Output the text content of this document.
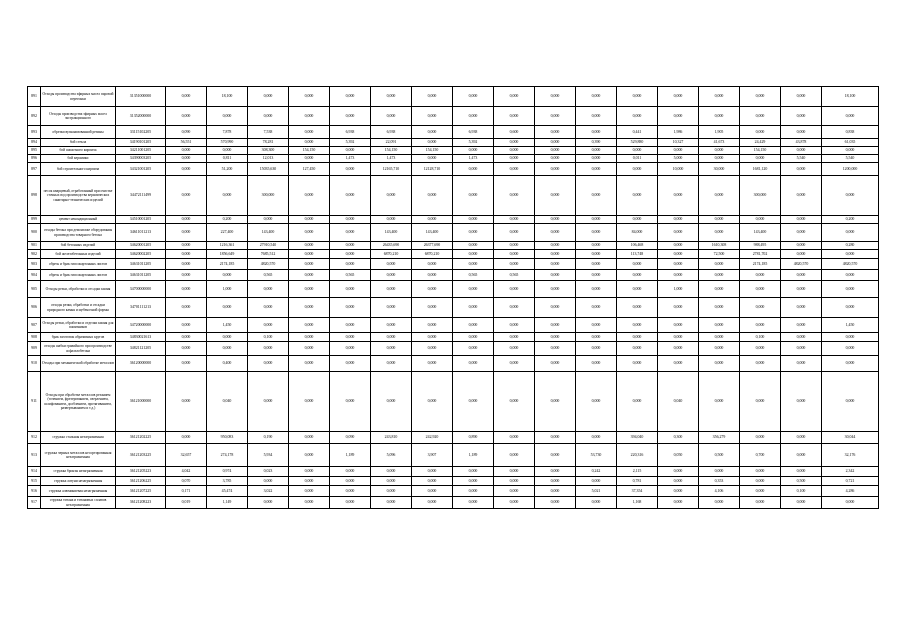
891	Отходы производства эфирных масел паровой перегонки	31351000000	0,000	18,100	0,000	0,000	0,000	0,000	0,000	0,000	0,000	0,000	0,000	0,000	0,000	0,000	0,000	0,000	18,100
892	Отходы производства эфирных масел экстракционного	31352000000	0,000	0,000	0,000	0,000	0,000	0,000	0,000	0,000	0,000	0,000	0,000	0,000	0,000	0,000	0,000	0,000	0,000
893	обрезки вулканизованной резины	33115102205	0,090	7,878	7,538	0,000	6,938	6,938	0,000	6,938	0,600	0,000	0,000	0,441	1,986	1,905	0,000	0,000	0,838
894	бой стекла	34190101205	56,551	570,990	78,281	0,000	5,392	22,091	0,000	5,392	0,000	0,000	0,390	529,880	10,327	41,673	24,429	43,878	61,035
895	бой шамотного кирпича	34211001205	0,000	0,000	308,300	154,150	0,000	154,150	154,150	0,000	0,000	0,000	0,000	0,000	0,000	0,000	154,150	0,000	0,000
896	бой керамики	34390003205	0,000	0,811	12,013	0,000	1,473	1,473	0,000	1,473	0,000	0,000	0,000	0,011	5,000	0,000	0,000	5,540	5,540
897	бой строительного кирпича	34321001205	0,000	51,200	15035,630	127,450	0,000	12165,710	12128,710	0,000	0,000	0,000	0,000	0,000	10,000	30,000	1681,120	0,000	1200,000
898	песок кварцевый, отработанный при очистке сточных вод производства керамических санитарно-технических изделий	34472111499	0,000	0,000	300,000	0,000	0,000	0,000	0,000	0,000	0,000	0,000	0,000	0,000	0,000	0,000	300,000	0,000	0,000
899	цемент некондиционный	34510001205	0,000	0,200	0,000	0,000	0,000	0,000	0,000	0,000	0,000	0,000	0,000	0,000	0,000	0,000	0,000	0,000	0,200
900	отходы бетона при демонтаже оборудования производства товарного бетона	34611011213	0,000	227,400	143,400	0,000	0,000	143,400	143,400	0,000	0,000	0,000	0,000	84,000	0,000	0,000	143,400	0,000	0,000
901	бой бетонных изделий	34620001205	0,000	1216,361	27910,540	0,000	0,000	26435,690	26377,690	0,000	0,000	0,000	0,000	106,468	0,000	1610,308	988,495	0,000	0,280
902	бой железобетонных изделий	34620002205	0,000	1856,649	7685,512	0,000	0,000	6870,210	6870,210	0,000	0,000	0,000	0,000	113,748	0,000	72,500	2781,702	0,000	0,000
903	обрезь и брак гипсокартонных листов	34631011205	0,000	2174,185	4820,570	0,000	0,000	0,000	0,000	0,000	0,000	0,000	0,000	0,000	0,000	0,000	2174,185	4820,570	4820,570
904	обрезь и брак гипсокартонных листов	34631011205	0,000	0,000	0,565	0,000	0,565	0,000	0,000	0,565	0,565	0,000	0,000	0,000	0,000	0,000	0,000	0,000	0,000
905	Отходы резки, обработки и отсадки камня	34700000000	0,000	1,000	0,000	0,000	0,000	0,000	0,000	0,000	0,000	0,000	0,000	0,000	1,000	0,000	0,000	0,000	0,000
906	отходы резки, обработки и отсадки природного камня и щебеночной формы	34701111213	0,000	0,000	0,000	0,000	0,000	0,000	0,000	0,000	0,000	0,000	0,000	0,000	0,000	0,000	0,000	0,000	0,000
907	Отходы резки, обработки и отделки камня для памятников	34720000000	0,000	1,450	0,000	0,000	0,000	0,000	0,000	0,000	0,000	0,000	0,000	0,000	0,000	0,000	0,000	0,000	1,450
908	брак заготовок абразивных кругов	34830021613	0,000	0,000	0,100	0,000	0,000	0,000	0,000	0,000	0,000	0,000	0,000	0,000	0,000	0,000	0,100	0,000	0,000
909	отходы шабки гравийного при производстве асфальтобетона	34821121205	0,000	0,000	0,000	0,000	0,000	0,000	0,000	0,000	0,000	0,000	0,000	0,000	0,000	0,000	0,000	0,000	0,000
910	Отходы при механической обработке металлов	36120000000	0,000	0,400	0,000	0,000	0,000	0,000	0,000	0,000	0,000	0,000	0,000	0,000	0,000	0,000	0,000	0,000	0,000
911	Отходы при обработке металлов резанием (точением, фрезерованием, сверлением, шлифованием, долблением, протягиванием, развертыванием и т.д.)	36121000000	0,000	0,040	0,000	0,000	0,000	0,000	0,000	0,000	0,000	0,000	0,000	0,000	0,040	0,000	0,000	0,000	0,000
912	стружка стальная незагрязненная	36121202225	0,000	950,083	0,190	0,000	0,090	243,810	242,920	0,890	0,000	0,000	0,000	394,040	0,300	356,279	0,000	0,000	30,044
913	стружка черных металлов несортированная незагрязненная	36121203225	32,657	274,178	5,934	0,000	1,189	5,096	3,907	1,189	0,000	0,000	53,730	220,316	0,050	0,500	0,700	0,000	32,176
914	стружка бронзы незагрязненная	36121205223	4,042	0,974	0,023	0,000	0,000	0,000	0,000	0,000	0,000	0,000	0,242	2,115	0,000	0,000	0,000	0,000	2,342
915	стружка латуни незагрязненная	36121206225	0,070	3,785	0,000	0,000	0,000	0,000	0,000	0,000	0,000	0,000	0,000	0,781	0,000	0,353	0,000	0,500	0,721
916	стружка алюминиевая незагрязненная	36121207225	0,171	45,474	3,022	0,000	0,000	0,000	0,000	0,000	0,000	0,000	5,021	37,354	0,000	4,106	0,000	0,100	4,286
917	стружка титана и титановых сплавов незагрязненная	36121208223	0,019	1,149	0,000	0,000	0,000	0,000	0,000	0,000	0,000	0,000	0,000	1,168	0,000	0,000	0,000	0,000	0,000
